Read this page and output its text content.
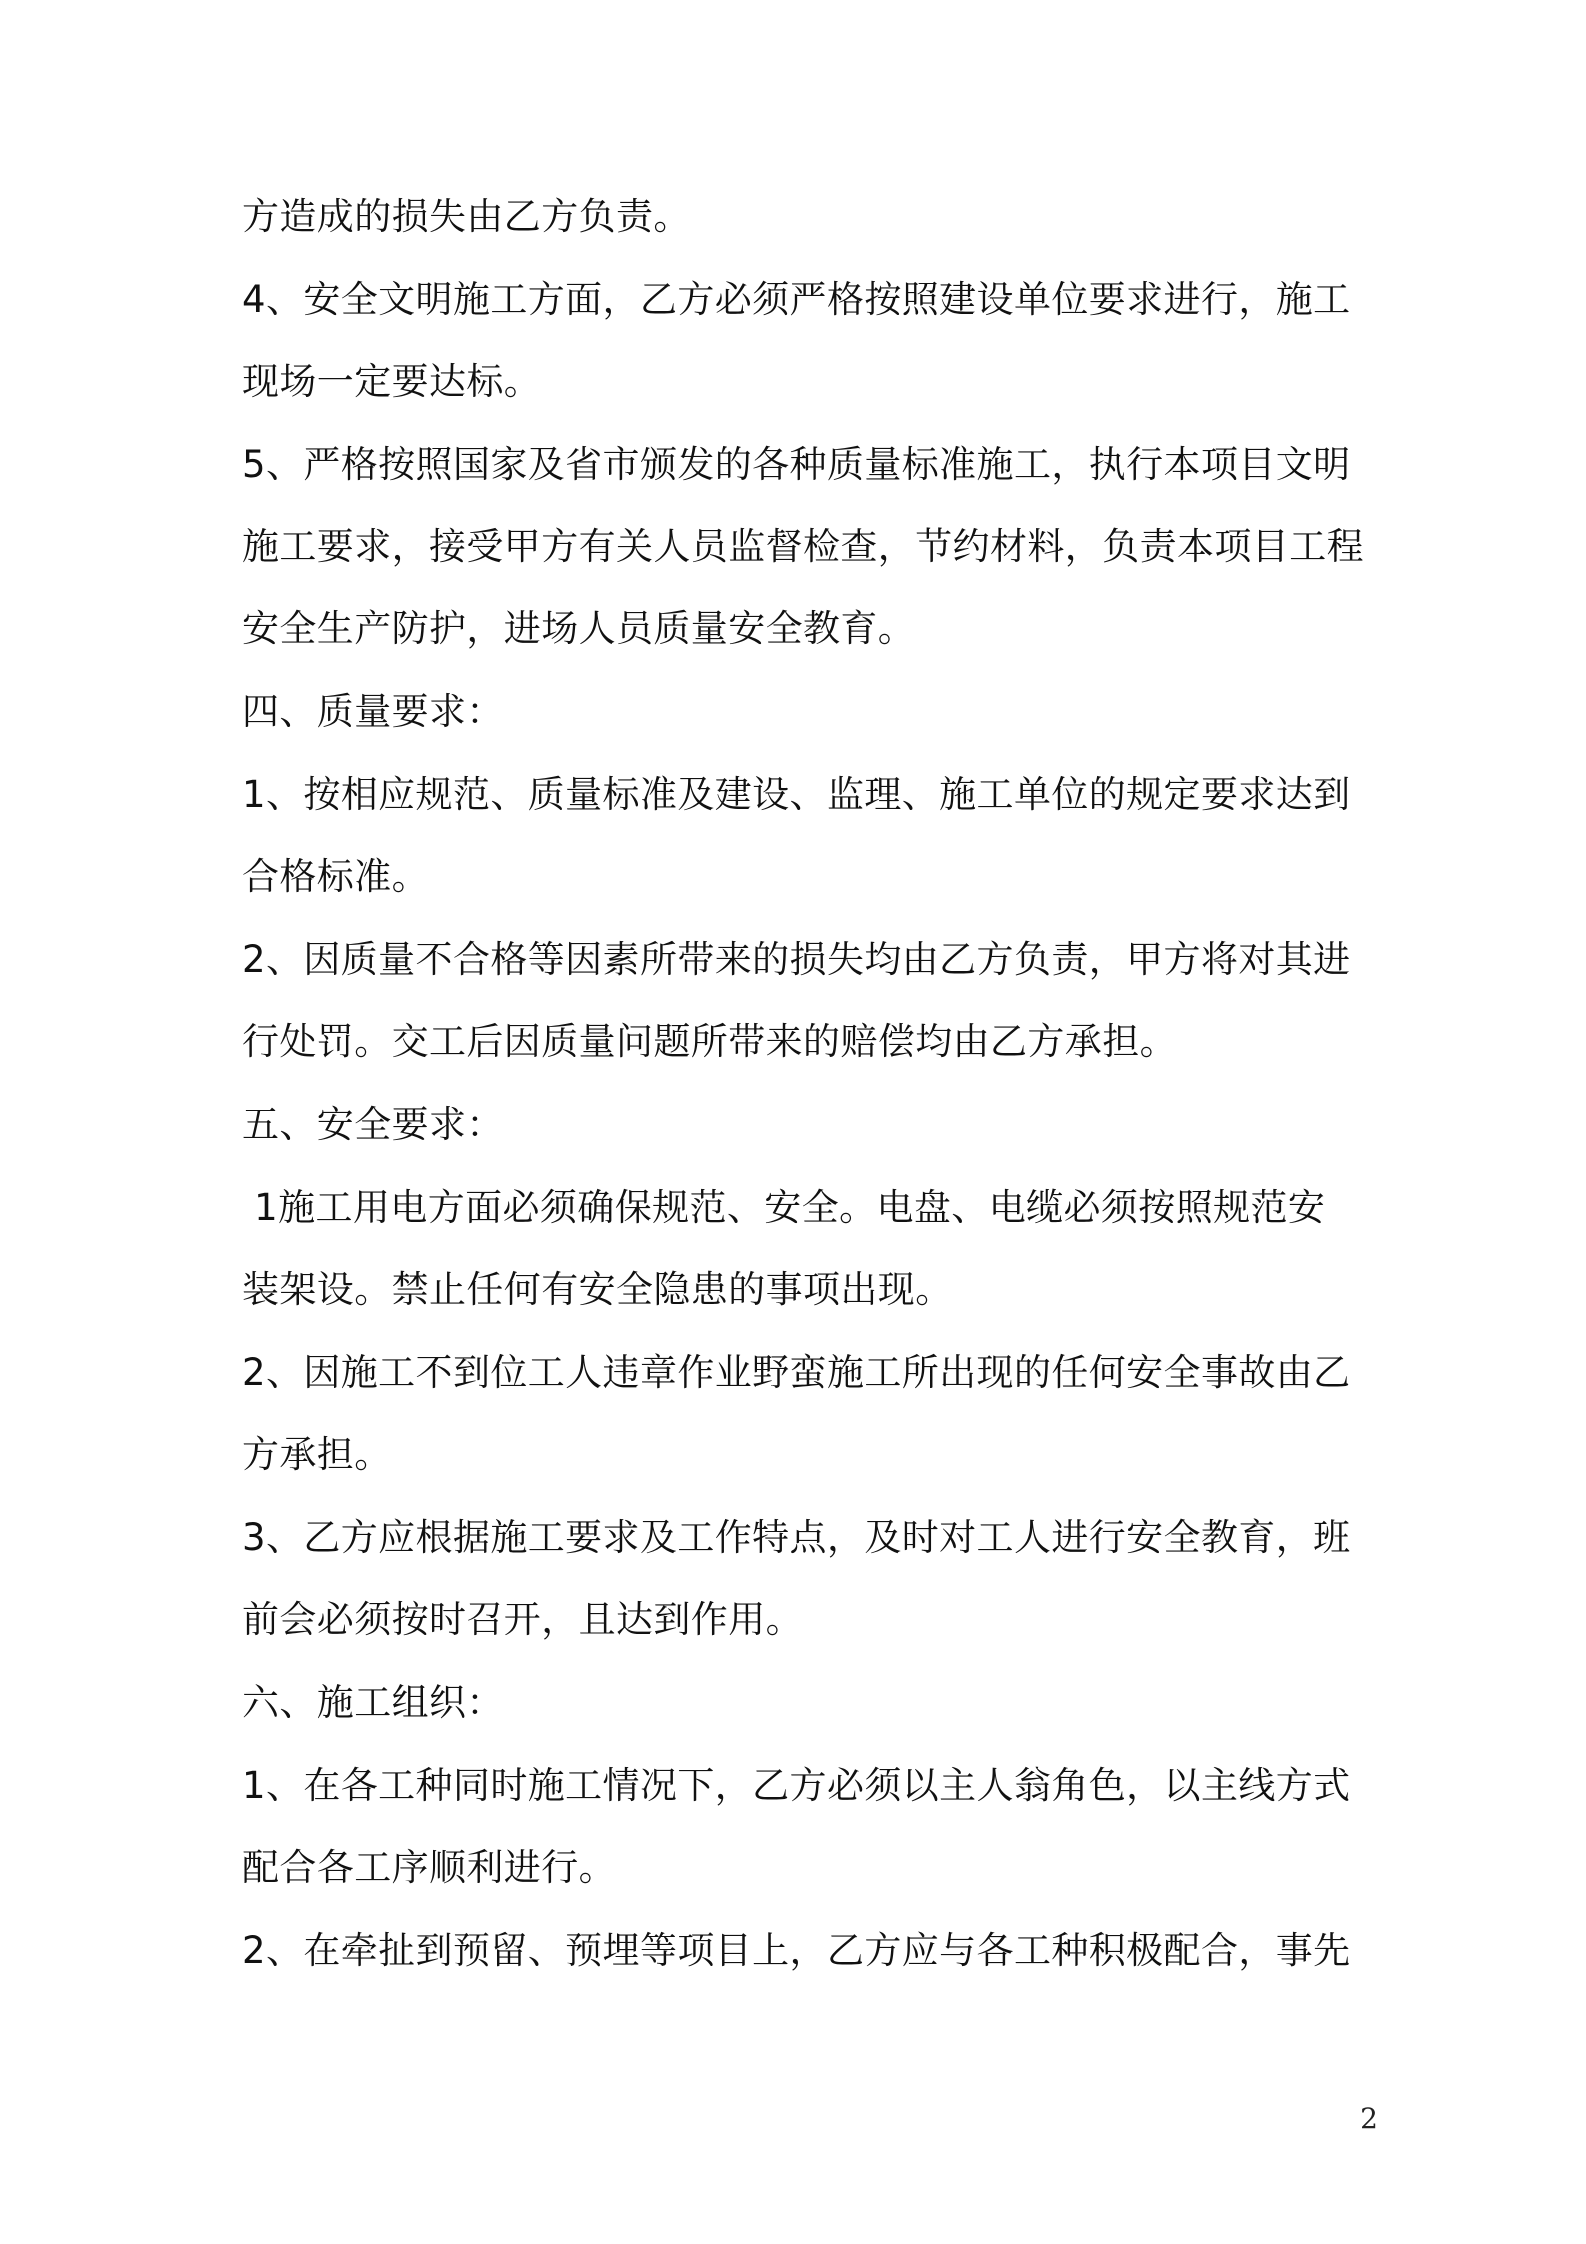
方造成的损失由乙方负责。
4、安全文明施工方面，乙方必须严格按照建设单位要求进行，施工
现场一定要达标。
5、严格按照国家及省市颁发的各种质量标准施工，执行本项目文明
施工要求，接受甲方有关人员监督检查，节约材料，负责本项目工程
安全生产防护，进场人员质量安全教育。
四、质量要求：
1、按相应规范、质量标准及建设、监理、施工单位的规定要求达到
合格标准。
2、因质量不合格等因素所带来的损失均由乙方负责，甲方将对其进
行处罚。交工后因质量问题所带来的赔偿均由乙方承担。
五、安全要求：
1施工用电方面必须确保规范、安全。电盘、电缆必须按照规范安
装架设。禁止任何有安全隐患的事项出现。
2、因施工不到位工人违章作业野蛮施工所出现的任何安全事故由乙
方承担。
3、乙方应根据施工要求及工作特点，及时对工人进行安全教育，班
前会必须按时召开，且达到作用。
六、施工组织：
1、在各工种同时施工情况下，乙方必须以主人翁角色，以主线方式
配合各工序顺利进行。
2、在牵扯到预留、预埋等项目上，乙方应与各工种积极配合，事先
2
